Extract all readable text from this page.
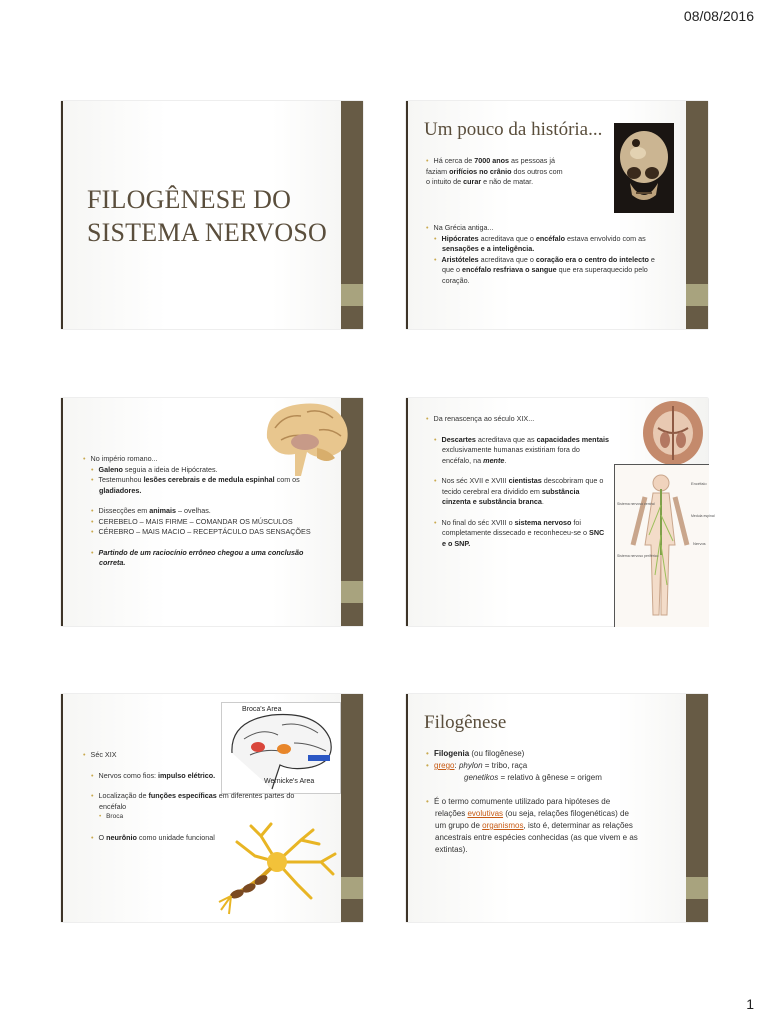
08/08/2016
FILOGÊNESE DO
SISTEMA NERVOSO
Um pouco da história...
• Há cerca de 7000 anos as pessoas já
faziam orifícios no crânio dos outros com
o intuito de curar e não de matar.
• Na Grécia antiga...
• Hipócrates acreditava que o encéfalo estava envolvido com as
sensações e a inteligência.
• Aristóteles acreditava que o coração era o centro do intelecto e
que o encéfalo resfriava o sangue que era superaquecido pelo
coração.
• No império romano...
• Galeno seguia a ideia de Hipócrates.
• Testemunhou lesões cerebrais e de medula espinhal com os
gladiadores.
• Dissecções em animais – ovelhas.
• CEREBELO – MAIS FIRME – COMANDAR OS MÚSCULOS
• CÉREBRO – MAIS MACIO – RECEPTÁCULO DAS SENSAÇÕES
• Partindo de um raciocínio errôneo chegou a uma conclusão
correta.
• Da renascença ao século XIX...
• Descartes acreditava que as capacidades mentais
exclusivamente humanas existiriam fora do
encéfalo, na mente.
• Nos séc XVII e XVIII cientistas descobriram que o
tecido cerebral era dividido em substância
cinzenta e substância branca.
• No final do séc XVIII o sistema nervoso foi
completamente dissecado e reconheceu-se o SNC
e o SNP.
Encéfalo
Sistema nervoso central
Medula espinal
Nervos
Sistema nervoso periférico
Broca's Area
Wernicke's Area
• Séc XIX
• Nervos como fios: impulso elétrico.
• Localização de funções específicas em diferentes partes do
encéfalo
• Broca
• O neurônio como unidade funcional
Filogênese
• Filogenia (ou filogênese)
• grego: phylon = tribo, raça
genetikos = relativo à gênese = origem
• É o termo comumente utilizado para hipóteses de
relações evolutivas (ou seja, relações filogenéticas) de
um grupo de organismos, isto é, determinar as relações
ancestrais entre espécies conhecidas (as que vivem e as
extintas).
1
